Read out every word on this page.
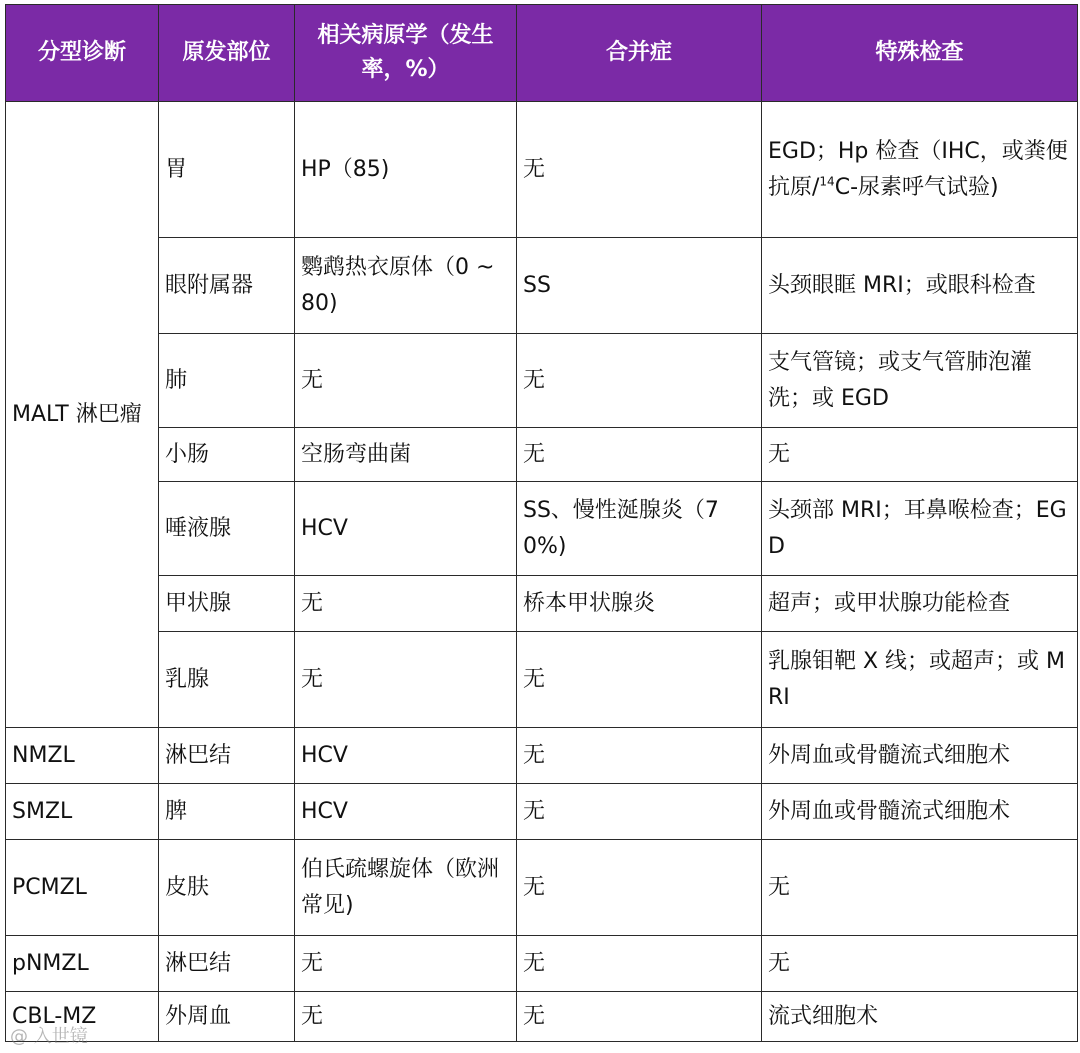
分型诊断	原发部位	相关病原学（发生率，%）	合并症	特殊检查
MALT 淋巴瘤	胃	HP（85)	无	EGD；Hp 检查（IHC，或粪便抗原/$^{14}$C-尿素呼气试验)
	眼附属器	鹦鹉热衣原体（0 ~ 80)	SS	头颈眼眶 MRI；或眼科检查
	肺	无	无	支气管镜；或支气管肺泡灌洗；或 EGD
	小肠	空肠弯曲菌	无	无
	唾液腺	HCV	SS、慢性涎腺炎（70%)	头颈部 MRI；耳鼻喉检查；EGD
	甲状腺	无	桥本甲状腺炎	超声；或甲状腺功能检查
	乳腺	无	无	乳腺钼靶 X 线；或超声；或 MRI
NMZL	淋巴结	HCV	无	外周血或骨髓流式细胞术
SMZL	脾	HCV	无	外周血或骨髓流式细胞术
PCMZL	皮肤	伯氏疏螺旋体（欧洲常见)	无	无
pNMZL	淋巴结	无	无	无
CBL-MZ	外周血	无	无	流式细胞术
@ 入世镜
